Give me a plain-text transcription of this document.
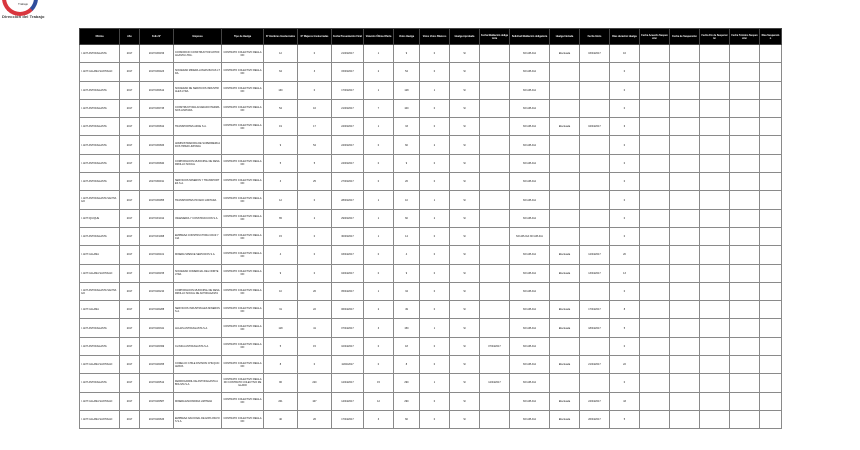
Trabajo
Dirección del Trabajo
Oficina	Año	Folio N°	Empresa	Tipo de Huelga	N° Hombres Involucrados	N° Mujeres Involucradas	Fecha Presentación Final	Votación Última Oferta	Votos Huelga	Votos Votos Blancos	Huelga Aprobada	Fecha Mediación obligatoria	Solicitud Mediación obligatoria	Huelga Iniciada	Fecha Inicio	Días duración Huelga	Fecha Acuerdo Suspensión	Fecha de Suspensión	Fecha Fin de Suspensión	Fecha Término Suspensión	Días Suspensión
I. ANT ANTOFAGASTA	2017	2017/03/0156	CONSORCIO CONSTRUCTOR ANTOFAGASTA LTDA.	CONTRATO COLECTIVO REGLADO	12	0	21/03/2017	1	9	0	SI		NO APLICA	Efectuada	03/04/2017	16					
I. ANT CALAMA SANTIAGO	2017	2017/03/0423	SOCIEDAD MINERA LOMAS BAYAS LTDA.	CONTRATO COLECTIVO REGLADO	64	3	15/03/2017	2	54	0	SI		NO APLICA			0					
I. ANT ANTOFAGASTA	2017	2017/03/0612	SOCIEDAD DE SERVICIOS INDUSTRIALES LTDA.	CONTRATO COLECTIVO REGLADO	130	0	17/03/2017	1	128	1	SI		NO APLICA			0					
I. ANT ANTOFAGASTA	2017	2017/03/0745	CONSTRUCTORA ALVARADO HERMANOS LIMITADA	CONTRATO COLECTIVO REGLADO	54	16	21/03/2017	7	100	0	SI		NO APLICA			0					
I. ANT ANTOFAGASTA	2017	2017/03/0812	TRANSPORTES ARCE S.A.	CONTRATO COLECTIVO REGLADO	19	17	24/03/2017	1	33	0	SI		NO APLICA	Efectuada	04/04/2017	6					
I. ANT ANTOFAGASTA	2017	2017/03/0833	ADMINISTRADORA DE SUPERMERCADOS HIPER LIMITADA		9	54	24/03/2017	0	60	2	SI		NO APLICA			0					
I. ANT ANTOFAGASTA	2017	2017/03/0840	CORPORACION MUNICIPAL DE DESARROLLO SOCIAL	CONTRATO COLECTIVO REGLADO	5	5	24/03/2017	0	9	0	SI		NO APLICA			0					
I. ANT ANTOFAGASTA	2017	2017/03/0911	SERVICIOS MINEROS Y TRANSPORTES S.A.	CONTRATO COLECTIVO REGLADO	3	25	27/03/2017	0	26	0	SI		NO APLICA			0					
I. ANT ANTOFAGASTA SANTIAGO	2017	2017/03/0955	TRANSPORTES PAYANO LIMITADA	CONTRATO COLECTIVO REGLADO	12	0	28/03/2017	1	10	1	SI		NO APLICA			0					
I. ANT IQUIQUE	2017	2017/03/1012	INGENIERIA Y CONSTRUCCION S.A.	CONTRATO COLECTIVO REGLADO	65	2	29/03/2017	1	60	2	SI		NO APLICA			0					
I. ANT ANTOFAGASTA	2017	2017/03/1068	EMPRESA CONSTRUCTORA CRUZ Y CIA	CONTRATO COLECTIVO REGLADO	15	0	30/03/2017	1	14	0	SI		NO APLICA NO APLICA			0					
I. ANT CALAMA	2017	2017/04/0101	MINERA SPENCE SERVICIOS S.A.	CONTRATO COLECTIVO REGLADO	4	0	03/04/2017	0	4	0	SI		NO APLICA	Efectuada	12/04/2017	20					
I. ANT CALAMA SANTIAGO	2017	2017/04/0155	SOCIEDAD COMERCIAL DEL NORTE LTDA.	CONTRATO COLECTIVO REGLADO	9	0	04/04/2017	0	9	0	SI		NO APLICA	Efectuada	13/04/2017	13					
I. ANT ANTOFAGASTA SANTIAGO	2017	2017/04/0210	CORPORACION MUNICIPAL DE DESARROLLO SOCIAL DE ANTOFAGASTA	CONTRATO COLECTIVO REGLADO	10	26	05/04/2017	1	34	0	SI		NO APLICA			0					
I. ANT CALAMA	2017	2017/04/0288	SERVICIOS INDUSTRIALES MINEROS S.A.	CONTRATO COLECTIVO REGLADO	31	22	06/04/2017	2	49	0	SI		NO APLICA	Efectuada	17/04/2017	8					
I. ANT ANTOFAGASTA	2017	2017/04/0341	AGUAS ANTOFAGASTA S.A.	CONTRATO COLECTIVO REGLADO	118	41	07/04/2017	3	150	1	SI		NO APLICA	Efectuada	18/04/2017	5					
I. ANT ANTOFAGASTA	2017	2017/04/0399	CLINICA ANTOFAGASTA S.A.	CONTRATO COLECTIVO REGLADO	5	15	10/04/2017	0	18	0	SI	07/04/2017	NO APLICA			0					
I. ANT CALAMA SANTIAGO	2017	2017/04/0455	CODELCO CHILE DIVISION CHUQUICAMATA	CONTRATO COLECTIVO REGLADO	8	0	11/04/2017	0	8	0	SI		NO APLICA	Efectuada	21/04/2017	22					
I. ANT ANTOFAGASTA	2017	2017/04/0512	FERROCARRIL DE ANTOFAGASTA A BOLIVIA S.A.	CONTRATO COLECTIVO REGLADO CONTRATO COLECTIVO REGLADO	96	220	12/04/2017	15	290	1	SI	12/04/2017	NO APLICA			0					
I. ANT CALAMA SANTIAGO	2017	2017/04/0587	MINERA ESCONDIDA LIMITADA	CONTRATO COLECTIVO REGLADO	201	107	14/04/2017	12	290	0	SI		NO APLICA	Efectuada	24/04/2017	43					
I. ANT CALAMA SANTIAGO	2017	2017/04/0633	EMPRESA NACIONAL DE EXPLOSIVOS S.A.	CONTRATO COLECTIVO REGLADO	40	26	17/04/2017	3	60	0	SI		NO APLICA	Efectuada	26/04/2017	5					
